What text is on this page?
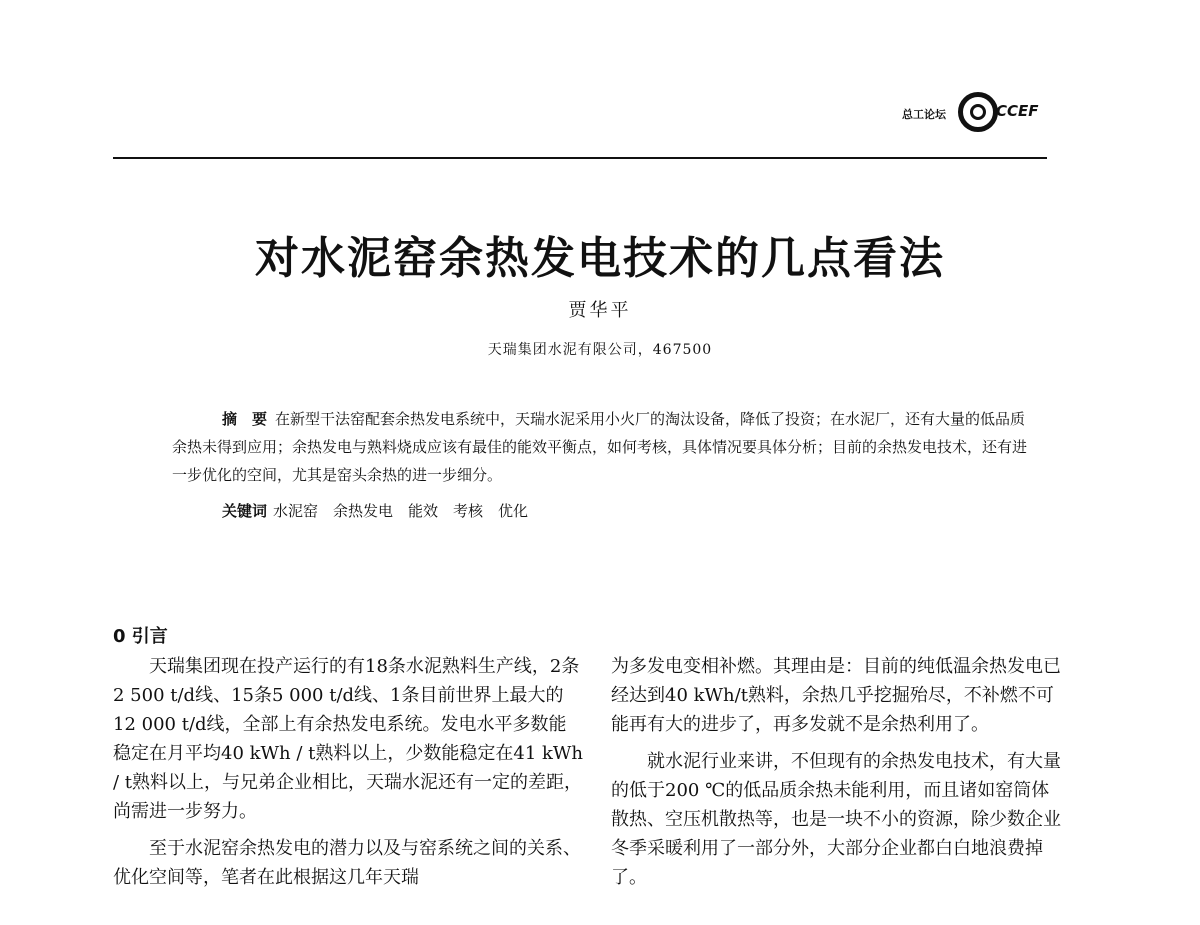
总工论坛	CCEF
对水泥窑余热发电技术的几点看法
贾华平
天瑞集团水泥有限公司，467500

摘　要 在新型干法窑配套余热发电系统中，天瑞水泥采用小火厂的淘汰设备，降低了投资；在水泥厂，还有大量的低品质余热未得到应用；余热发电与熟料烧成应该有最佳的能效平衡点，如何考核，具体情况要具体分析；目前的余热发电技术，还有进一步优化的空间，尤其是窑头余热的进一步细分。

关键词 水泥窑　余热发电　能效　考核　优化
0 引言

天瑞集团现在投产运行的有18条水泥熟料生产线，2条2 500 t/d线、15条5 000 t/d线、1条目前世界上最大的12 000 t/d线，全部上有余热发电系统。发电水平多数能稳定在月平均40 kWh / t熟料以上，少数能稳定在41 kWh / t熟料以上，与兄弟企业相比，天瑞水泥还有一定的差距，尚需进一步努力。

至于水泥窑余热发电的潜力以及与窑系统之间的关系、优化空间等，笔者在此根据这几年天瑞

为多发电变相补燃。其理由是：目前的纯低温余热发电已经达到40 kWh/t熟料，余热几乎挖掘殆尽，不补燃不可能再有大的进步了，再多发就不是余热利用了。

就水泥行业来讲，不但现有的余热发电技术，有大量的低于200 ℃的低品质余热未能利用，而且诸如窑筒体散热、空压机散热等，也是一块不小的资源，除少数企业冬季采暖利用了一部分外，大部分企业都白白地浪费掉了。
